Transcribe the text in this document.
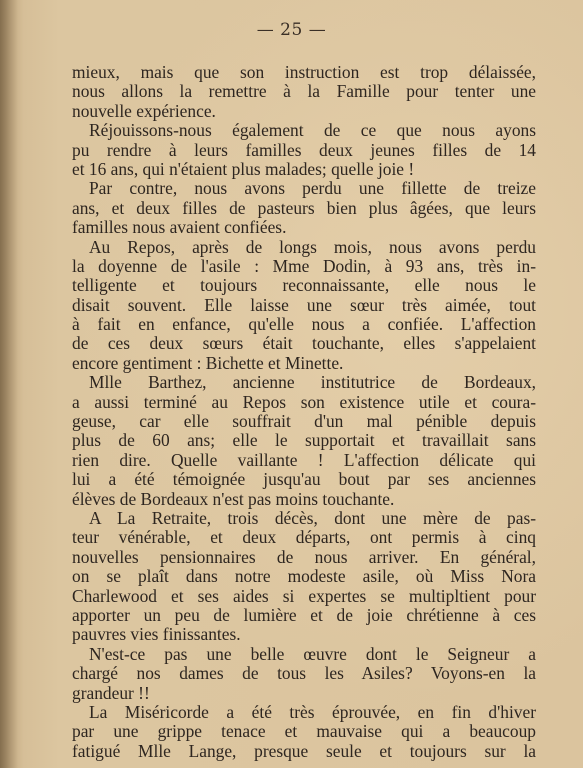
— 25 —
mieux, mais que son instruction est trop délaissée,
nous allons la remettre à la Famille pour tenter une
nouvelle expérience.
Réjouissons-nous également de ce que nous ayons
pu rendre à leurs familles deux jeunes filles de 14
et 16 ans, qui n'étaient plus malades; quelle joie !
Par contre, nous avons perdu une fillette de treize
ans, et deux filles de pasteurs bien plus âgées, que leurs
familles nous avaient confiées.
Au Repos, après de longs mois, nous avons perdu
la doyenne de l'asile : Mme Dodin, à 93 ans, très in-
telligente et toujours reconnaissante, elle nous le
disait souvent. Elle laisse une sœur très aimée, tout
à fait en enfance, qu'elle nous a confiée. L'affection
de ces deux sœurs était touchante, elles s'appelaient
encore gentiment : Bichette et Minette.
Mlle Barthez, ancienne institutrice de Bordeaux,
a aussi terminé au Repos son existence utile et coura-
geuse, car elle souffrait d'un mal pénible depuis
plus de 60 ans; elle le supportait et travaillait sans
rien dire. Quelle vaillante ! L'affection délicate qui
lui a été témoignée jusqu'au bout par ses anciennes
élèves de Bordeaux n'est pas moins touchante.
A La Retraite, trois décès, dont une mère de pas-
teur vénérable, et deux départs, ont permis à cinq
nouvelles pensionnaires de nous arriver. En général,
on se plaît dans notre modeste asile, où Miss Nora
Charlewood et ses aides si expertes se multipltient pour
apporter un peu de lumière et de joie chrétienne à ces
pauvres vies finissantes.
N'est-ce pas une belle œuvre dont le Seigneur a
chargé nos dames de tous les Asiles? Voyons-en la
grandeur !!
La Miséricorde a été très éprouvée, en fin d'hiver
par une grippe tenace et mauvaise qui a beaucoup
fatigué Mlle Lange, presque seule et toujours sur la
